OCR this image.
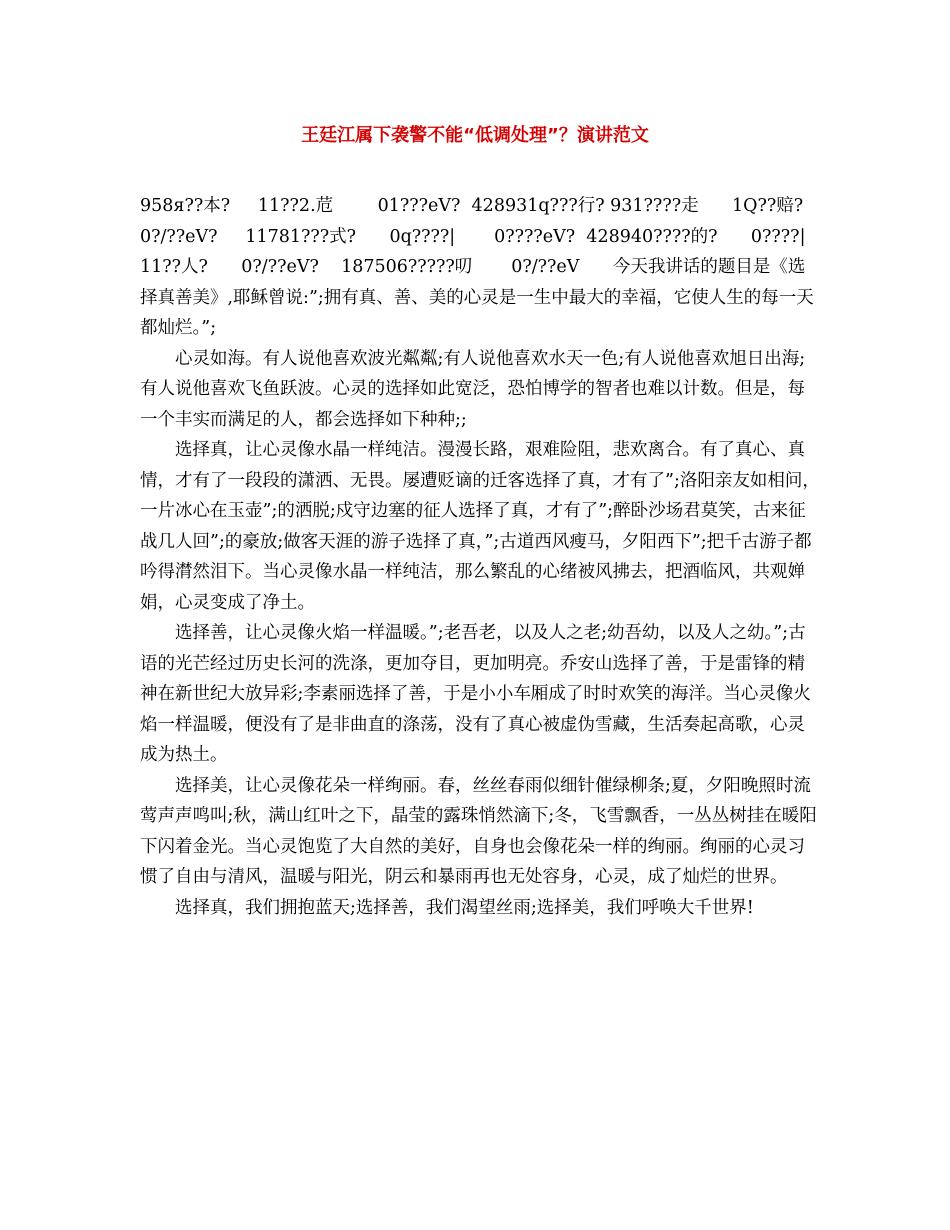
王廷江属下袭警不能“低调处理”？演讲范文
958я??本?     11??2.苊        01???eV?  428931q???行? 931????走      1Q??赔?
0?/??eV?     11781???式?      0q????|       0????eV?  428940????的?      0????|

11??人?      0?/??eV?    187506?????叨       0?/??eV      今天我讲话的题目是《选择真善美》,耶稣曾说:”;拥有真、善、美的心灵是一生中最大的幸福，它使人生的每一天都灿烂。”;

心灵如海。有人说他喜欢波光粼粼;有人说他喜欢水天一色;有人说他喜欢旭日出海;有人说他喜欢飞鱼跃波。心灵的选择如此宽泛，恐怕博学的智者也难以计数。但是，每一个丰实而满足的人，都会选择如下种种;;

选择真，让心灵像水晶一样纯洁。漫漫长路，艰难险阻，悲欢离合。有了真心、真情，才有了一段段的潇洒、无畏。屡遭贬谪的迁客选择了真，才有了”;洛阳亲友如相问，一片冰心在玉壶”;的洒脱;戍守边塞的征人选择了真，才有了”;醉卧沙场君莫笑，古来征战几人回”;的豪放;做客天涯的游子选择了真，”;古道西风瘦马，夕阳西下”;把千古游子都吟得潸然泪下。当心灵像水晶一样纯洁，那么繁乱的心绪被风拂去，把酒临风，共观婵娟，心灵变成了净土。

选择善，让心灵像火焰一样温暖。”;老吾老，以及人之老;幼吾幼，以及人之幼。”;古语的光芒经过历史长河的洗涤，更加夺目，更加明亮。乔安山选择了善，于是雷锋的精神在新世纪大放异彩;李素丽选择了善，于是小小车厢成了时时欢笑的海洋。当心灵像火焰一样温暖，便没有了是非曲直的涤荡，没有了真心被虚伪雪藏，生活奏起高歌，心灵成为热土。

选择美，让心灵像花朵一样绚丽。春，丝丝春雨似细针催绿柳条;夏，夕阳晚照时流莺声声鸣叫;秋，满山红叶之下，晶莹的露珠悄然滴下;冬，飞雪飘香，一丛丛树挂在暖阳下闪着金光。当心灵饱览了大自然的美好，自身也会像花朵一样的绚丽。绚丽的心灵习惯了自由与清风，温暖与阳光，阴云和暴雨再也无处容身，心灵，成了灿烂的世界。

选择真，我们拥抱蓝天;选择善，我们渴望丝雨;选择美，我们呼唤大千世界!
